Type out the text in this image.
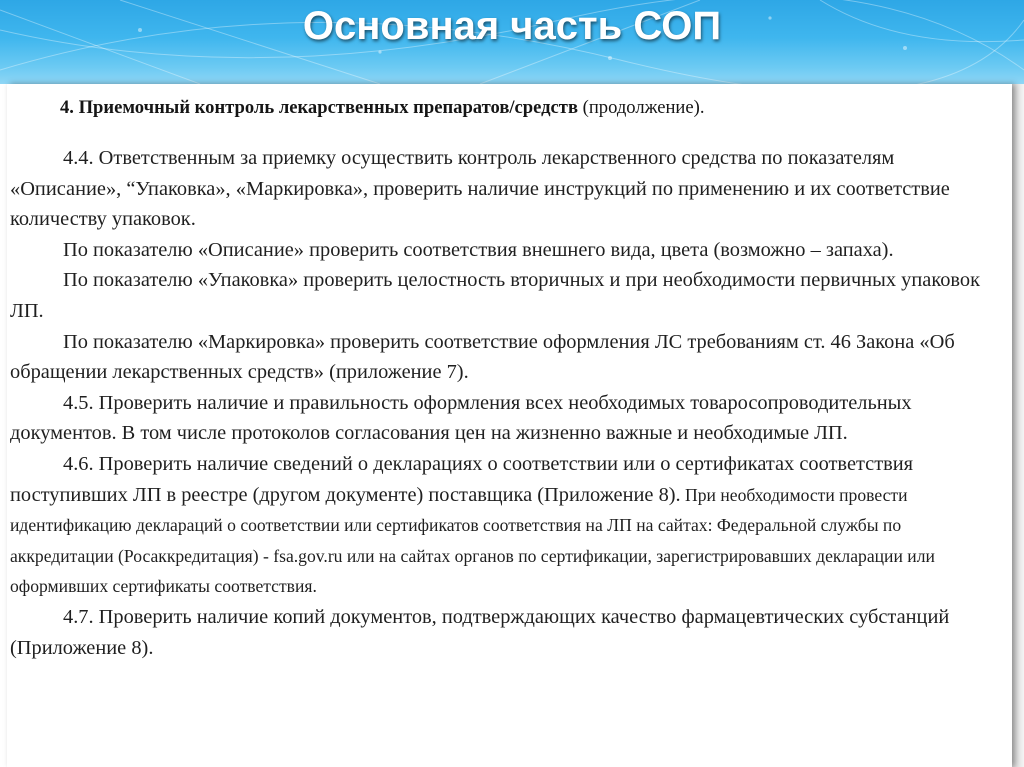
Основная часть СОП
4. Приемочный контроль лекарственных препаратов/средств (продолжение).

4.4. Ответственным за приемку осуществить контроль лекарственного средства по показателям «Описание», “Упаковка», «Маркировка», проверить наличие инструкций по применению и их соответствие количеству упаковок.

По показателю «Описание» проверить соответствия внешнего вида, цвета (возможно – запаха).

По показателю «Упаковка» проверить целостность вторичных и при необходимости первичных упаковок ЛП.

По показателю «Маркировка» проверить соответствие оформления ЛС требованиям ст. 46 Закона «Об обращении лекарственных средств» (приложение 7).

4.5. Проверить наличие и правильность оформления всех необходимых товаросопроводительных документов. В том числе протоколов согласования цен на жизненно важные и необходимые ЛП.

4.6. Проверить наличие сведений о декларациях о соответствии или о сертификатах соответствия поступивших ЛП в реестре (другом документе) поставщика (Приложение 8). При необходимости провести идентификацию деклараций о соответствии или сертификатов соответствия на ЛП на сайтах: Федеральной службы по аккредитации (Росаккредитация) - fsa.gov.ru или на сайтах органов по сертификации, зарегистрировавших декларации или оформивших сертификаты соответствия.

4.7. Проверить наличие копий документов, подтверждающих качество фармацевтических субстанций (Приложение 8).
